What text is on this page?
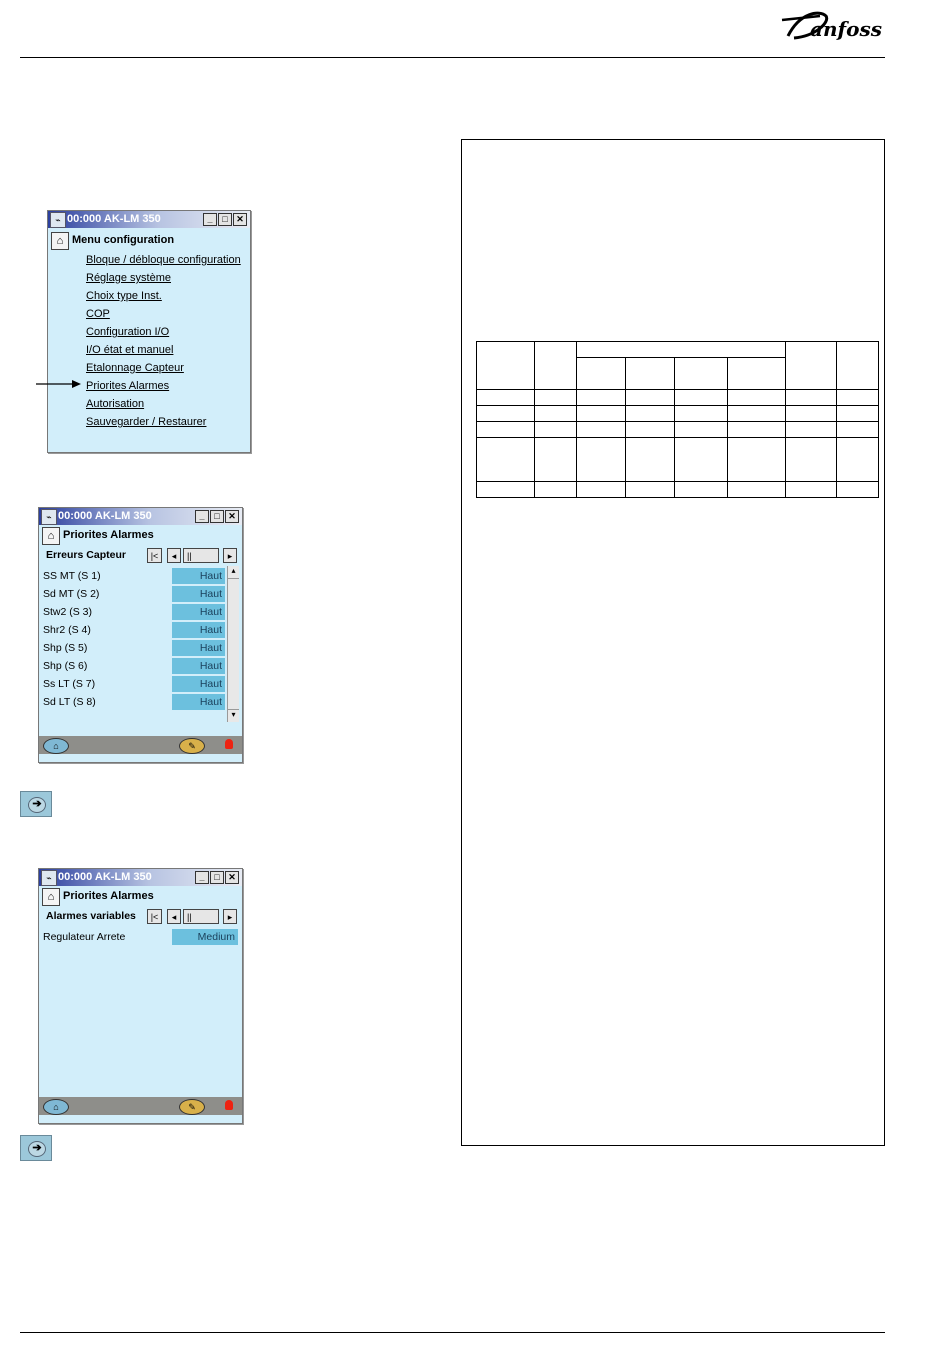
anfoss
⌁ 00:000 AK-LM 350	_	□ ✕
⌂ Menu configuration
Bloque / débloque configuration
Réglage système
Choix type Inst.
COP
Configuration I/O
I/O état et manuel
Etalonnage Capteur
Priorites Alarmes
Autorisation
Sauvegarder / Restaurer
⌁ 00:000 AK-LM 350	_	□ ✕
⌂ Priorites Alarmes
Erreurs Capteur	|<	◂	||	▸
SS MT (S 1)	Haut
Sd MT (S 2)	Haut
Stw2 (S 3)	Haut
Shr2 (S 4)	Haut
Shp (S 5)	Haut
Shp (S 6)	Haut
Ss LT (S 7)	Haut
Sd LT (S 8)	Haut
▴
▾
⌂	✎
➔
⌁ 00:000 AK-LM 350	_	□ ✕
⌂ Priorites Alarmes
Alarmes variables	|<	◂	||	▸
Regulateur Arrete	Medium
⌂	✎
➔
